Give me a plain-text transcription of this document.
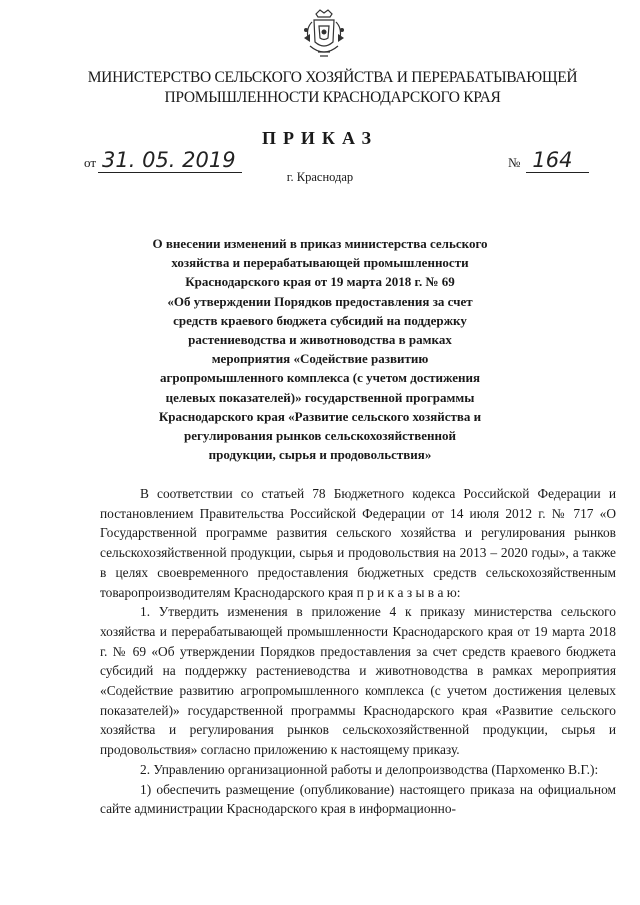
МИНИСТЕРСТВО СЕЛЬСКОГО ХОЗЯЙСТВА И ПЕРЕРАБАТЫВАЮЩЕЙ
ПРОМЫШЛЕННОСТИ КРАСНОДАРСКОГО КРАЯ
ПРИКАЗ
от 31. 05. 2019	№ 164
г. Краснодар
О внесении изменений в приказ министерства сельского
хозяйства и перерабатывающей промышленности
Краснодарского края от 19 марта 2018 г. № 69
«Об утверждении Порядков предоставления за счет
средств краевого бюджета субсидий на поддержку
растениеводства и животноводства в рамках
мероприятия «Содействие развитию
агропромышленного комплекса (с учетом достижения
целевых показателей)» государственной программы
Краснодарского края «Развитие сельского хозяйства и
регулирования рынков сельскохозяйственной
продукции, сырья и продовольствия»

В соответствии со статьей 78 Бюджетного кодекса Российской Федерации и постановлением Правительства Российской Федерации от 14 июля 2012 г. № 717 «О Государственной программе развития сельского хозяйства и регулирования рынков сельскохозяйственной продукции, сырья и продовольствия на 2013 – 2020 годы», а также в целях своевременного предоставления бюджетных средств сельскохозяйственным товаропроизводителям Краснодарского края п р и к а з ы в а ю:

1. Утвердить изменения в приложение 4 к приказу министерства сельского хозяйства и перерабатывающей промышленности Краснодарского края от 19 марта 2018 г. № 69 «Об утверждении Порядков предоставления за счет средств краевого бюджета субсидий на поддержку растениеводства и животноводства в рамках мероприятия «Содействие развитию агропромышленного комплекса (с учетом достижения целевых показателей)» государственной программы Краснодарского края «Развитие сельского хозяйства и регулирования рынков сельскохозяйственной продукции, сырья и продовольствия» согласно приложению к настоящему приказу.

2. Управлению организационной работы и делопроизводства (Пархоменко В.Г.):

1) обеспечить размещение (опубликование) настоящего приказа на официальном сайте администрации Краснодарского края в информационно-
